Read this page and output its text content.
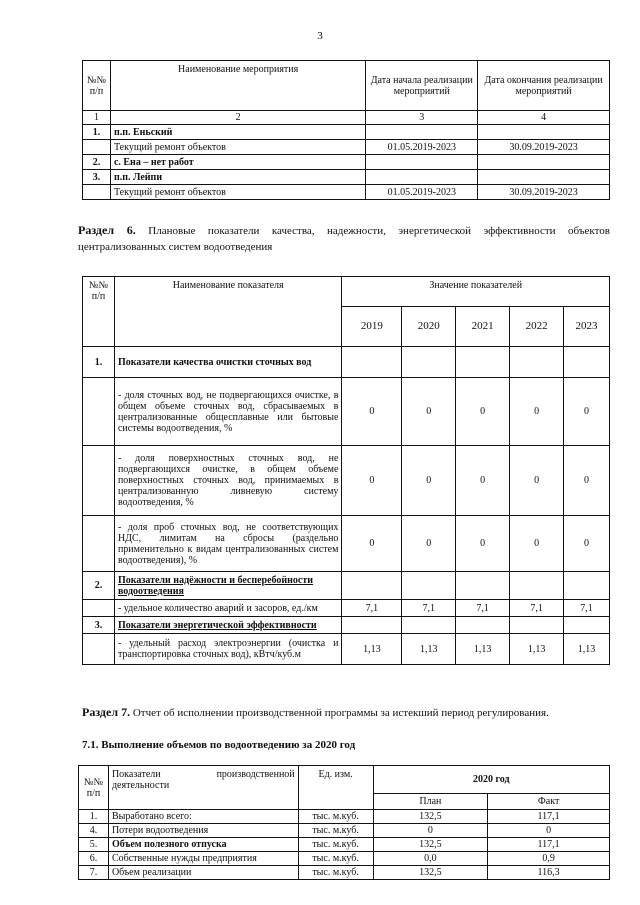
3
№№ п/п	Наименование мероприятия	Дата начала реализации мероприятий	Дата окончания реализации мероприятий
1	2	3	4
1.	п.п. Еньский		
	Текущий ремонт объектов	01.05.2019-2023	30.09.2019-2023
2.	с. Ена – нет работ		
3.	п.п. Лейпи		
	Текущий ремонт объектов	01.05.2019-2023	30.09.2019-2023
Раздел 6. Плановые показатели качества, надежности, энергетической эффективности объектов централизованных систем водоотведения
№№ п/п	Наименование показателя	Значение показателей				
		2019	2020	2021	2022	2023
1.	Показатели качества очистки сточных вод					
	- доля сточных вод, не подвергающихся очистке, в общем объеме сточных вод, сбрасываемых в централизованные общесплавные или бытовые системы водоотведения, %	0	0	0	0	0
	- доля поверхностных сточных вод, не подвергающихся очистке, в общем объеме поверхностных сточных вод, принимаемых в централизованную ливневую систему водоотведения, %	0	0	0	0	0
	- доля проб сточных вод, не соответствующих НДС, лимитам на сбросы (раздельно применительно к видам централизованных систем водоотведения), %	0	0	0	0	0
2.	Показатели надёжности и бесперебойности водоотведения					
	- удельное количество аварий и засоров, ед./км	7,1	7,1	7,1	7,1	7,1
3.	Показатели энергетической эффективности					
	- удельный расход электроэнергии (очистка и транспортировка сточных вод), кВтч/куб.м	1,13	1,13	1,13	1,13	1,13
Раздел 7. Отчет об исполнении производственной программы за истекший период регулирования.
7.1. Выполнение объемов по водоотведению за 2020 год
№№ п/п	Показатели производственной деятельности	Ед. изм.	2020 год	
			План	Факт
1.	Выработано всего:	тыс. м.куб.	132,5	117,1
4.	Потери водоотведения	тыс. м.куб.	0	0
5.	Объем полезного отпуска	тыс. м.куб.	132,5	117,1
6.	Собственные нужды предприятия	тыс. м.куб.	0,0	0,9
7.	Объем реализации	тыс. м.куб.	132,5	116,3
